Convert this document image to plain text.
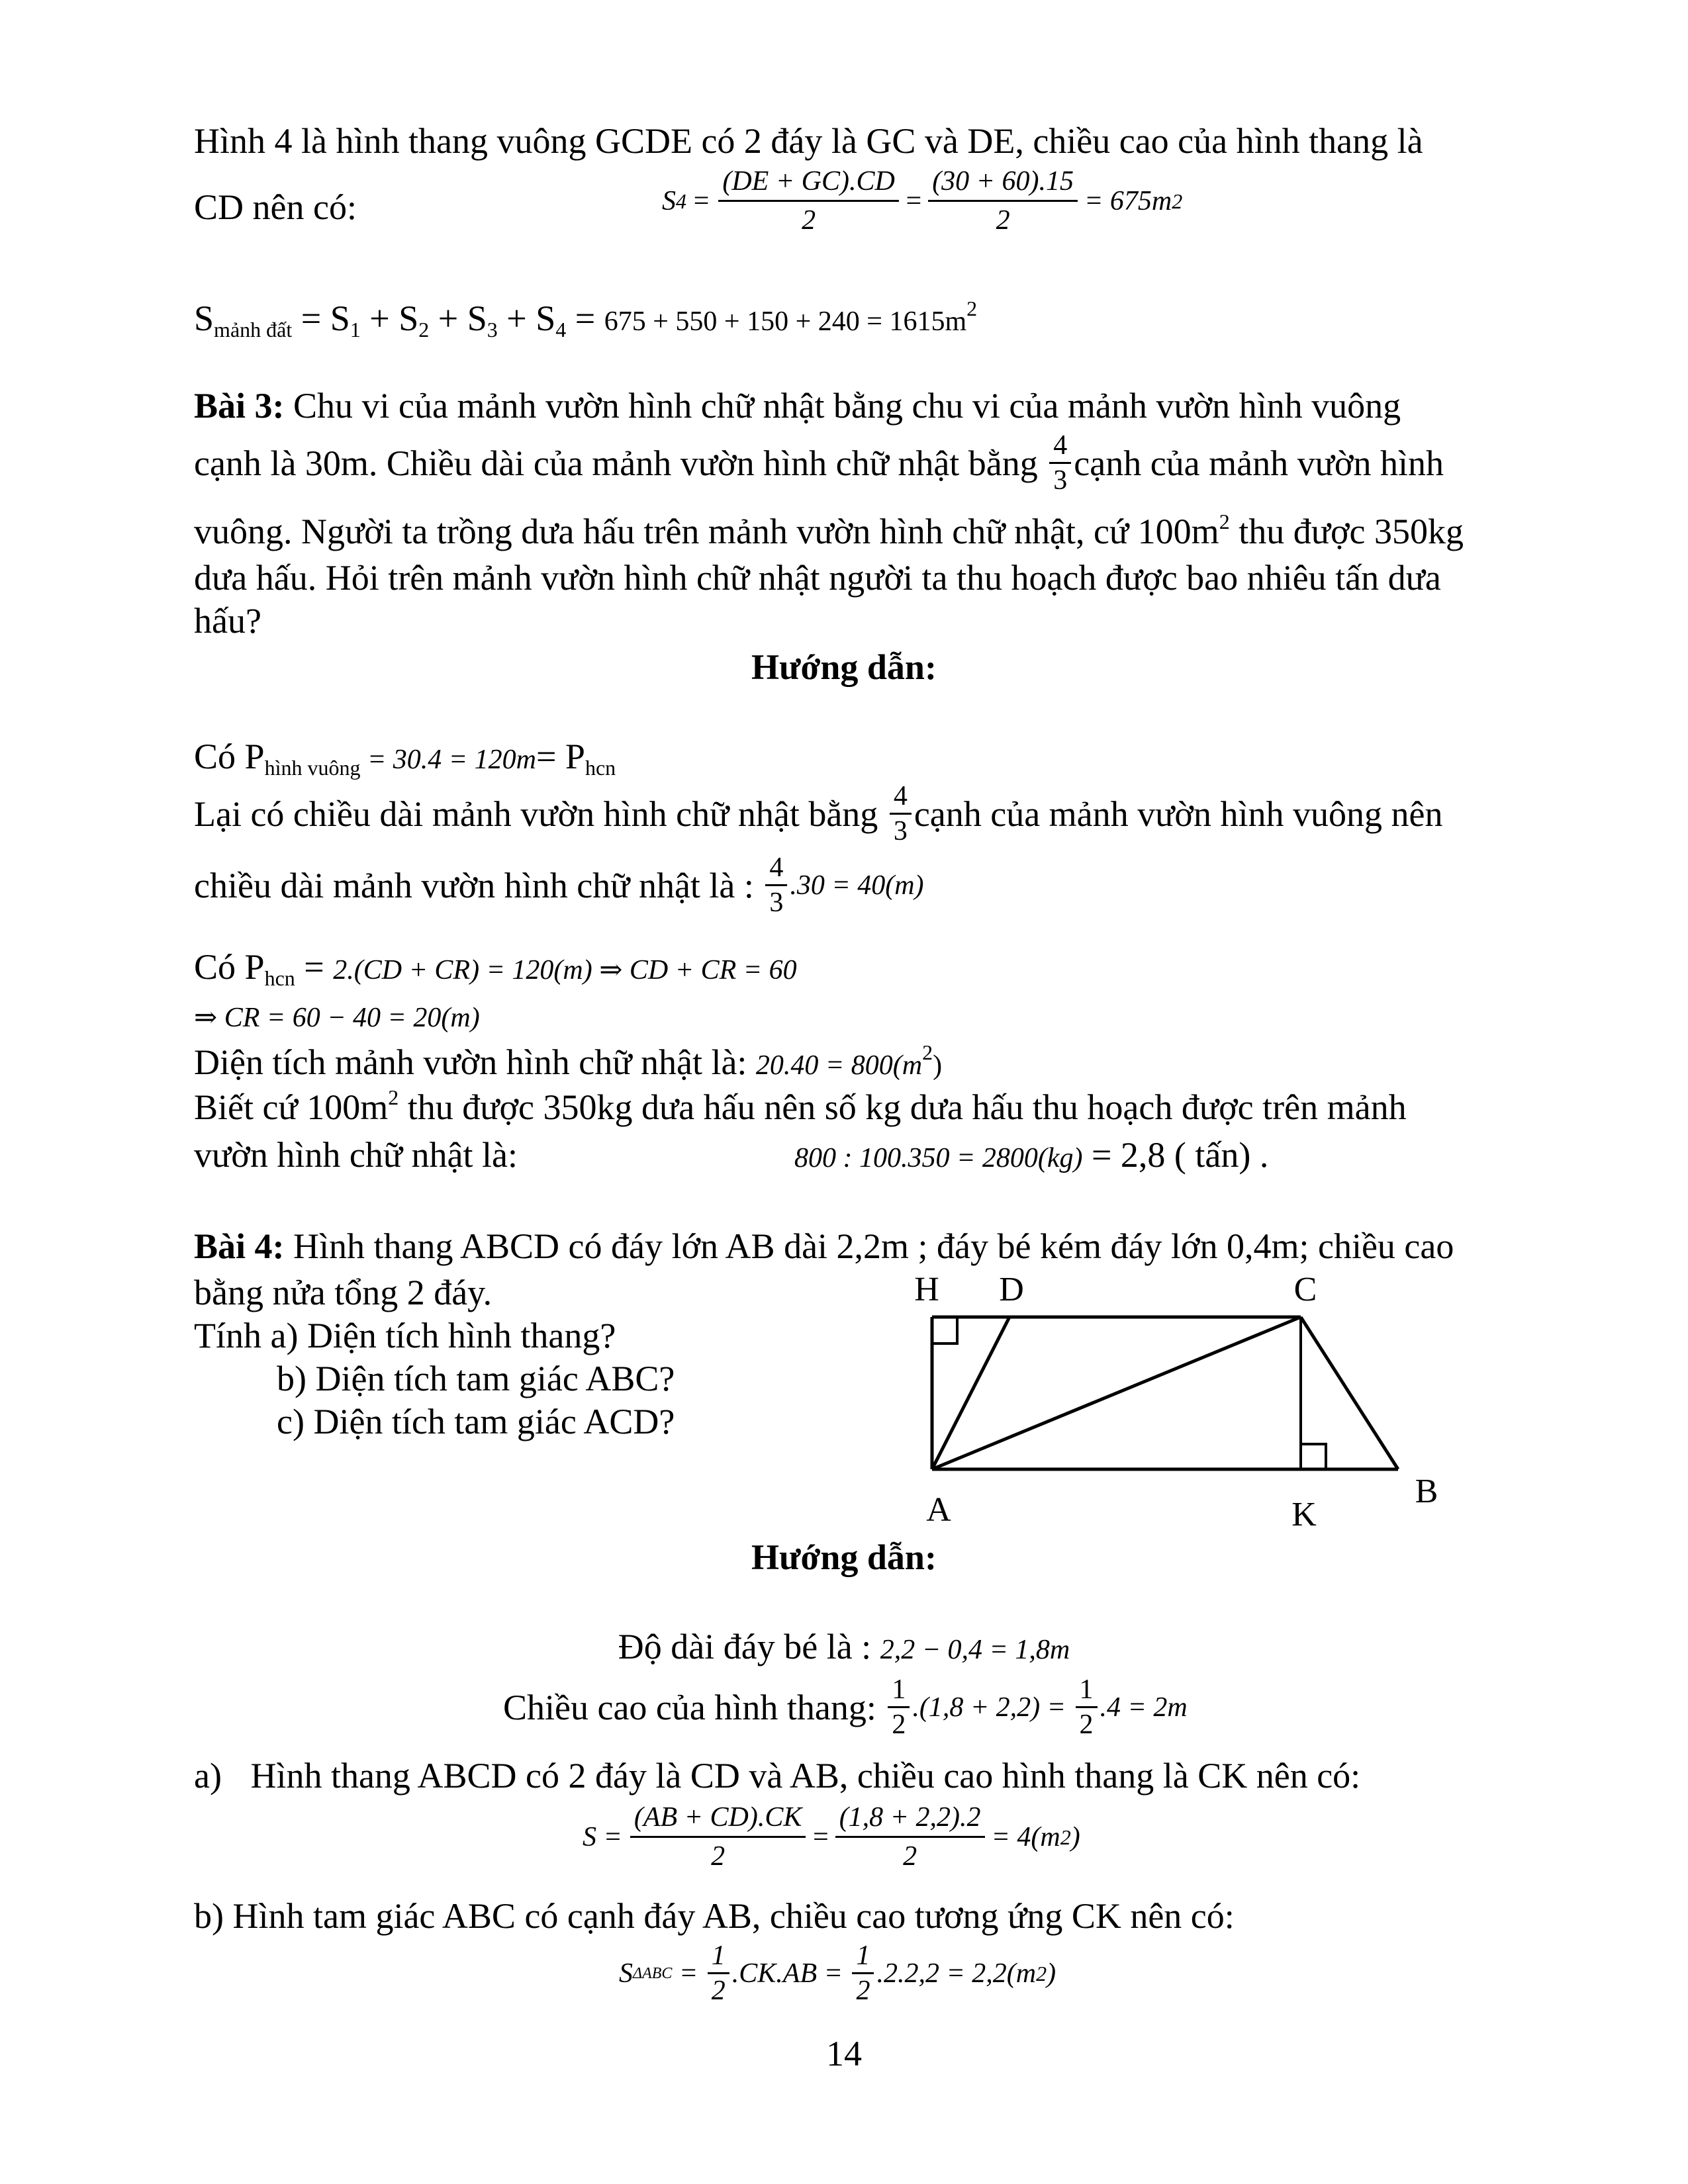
Hình 4 là hình thang vuông GCDE có 2 đáy là GC và DE, chiều cao của hình thang là
CD nên có:	S $4 = \frac{(DE + GC).CD}{2} = \frac{(30 + 60).15}{2} = 675m$ 2
$S_{mảnh đất} = S_1 + S_2 + S_3 + S_4 = 675 + 550 + 150 + 240 = 1615m^2$
Bài 3: Chu vi của mảnh vườn hình chữ nhật bằng chu vi của mảnh vườn hình vuông
cạnh là 30m. Chiều dài của mảnh vườn hình chữ nhật bằng $\frac{4}{3}$ cạnh của mảnh vườn hình
vuông. Người ta trồng dưa hấu trên mảnh vườn hình chữ nhật, cứ $100m^2$ thu được 350kg
dưa hấu. Hỏi trên mảnh vườn hình chữ nhật người ta thu hoạch được bao nhiêu tấn dưa
hấu?
Hướng dẫn:
Có $P_{hình vuông} = 30.4 = 120m= P_{hcn}$
Lại có chiều dài mảnh vườn hình chữ nhật bằng $\frac{4}{3}$ cạnh của mảnh vườn hình vuông nên
chiều dài mảnh vườn hình chữ nhật là : $\frac{4}{3} .30 = 40(m)$
Có $P_{hcn} = 2.(CD + CR) = 120(m)$ ⇒ CD + CR = 60
⇒ CR = 60 − 40 = 20(m)
Diện tích mảnh vườn hình chữ nhật là: $20.40 = 800(m^2)$
Biết cứ $100m^2$ thu được 350kg dưa hấu nên số kg dưa hấu thu hoạch được trên mảnh
vườn hình chữ nhật là:	800 : 100.350 = 2800(kg) = 2,8 ( tấn) .
Bài 4: Hình thang ABCD có đáy lớn AB dài 2,2m ; đáy bé kém đáy lớn 0,4m; chiều cao
bằng nửa tổng 2 đáy.
Tính a) Diện tích hình thang?
b) Diện tích tam giác ABC?
c) Diện tích tam giác ACD?
H D	C
A	K
B
Hướng dẫn:
Độ dài đáy bé là : 2,2 − 0,4 = 1,8m
Chiều cao của hình thang: $\frac{1}{2} .(1,8 + 2,2) = \frac{1}{2} .4 = 2m$
a) Hình thang ABCD có 2 đáy là CD và AB, chiều cao hình thang là CK nên có:
$S = \frac{(AB + CD).CK}{2} = \frac{(1,8 + 2,2).2}{2} = 4(m$ 2 )
b) Hình tam giác ABC có cạnh đáy AB, chiều cao tương ứng CK nên có:
S $\Delta ABC = \frac{1}{2} .CK.AB = \frac{1}{2} .2.2,2 = 2,2(m$ 2 )
14
